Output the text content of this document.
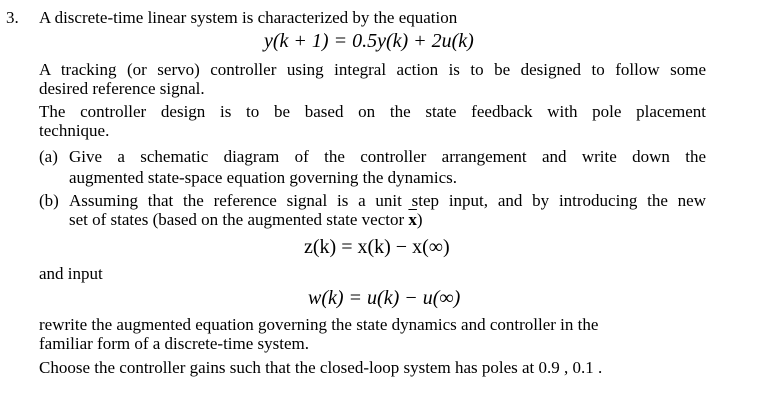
3. A discrete-time linear system is characterized by the equation
y(k + 1) = 0.5y(k) + 2u(k)
A tracking (or servo) controller using integral action is to be designed to follow some
desired reference signal.
The controller design is to be based on the state feedback with pole placement
technique.
(a) Give a schematic diagram of the controller arrangement and write down the
augmented state-space equation governing the dynamics.
(b) Assuming that the reference signal is a unit step input, and by introducing the new
set of states (based on the augmented state vector $\overline{x}$)
z(k) = x(k) − x(∞)
and input
w(k) = u(k) − u(∞)
rewrite the augmented equation governing the state dynamics and controller in the
familiar form of a discrete-time system.
Choose the controller gains such that the closed-loop system has poles at 0.9 , 0.1 .
